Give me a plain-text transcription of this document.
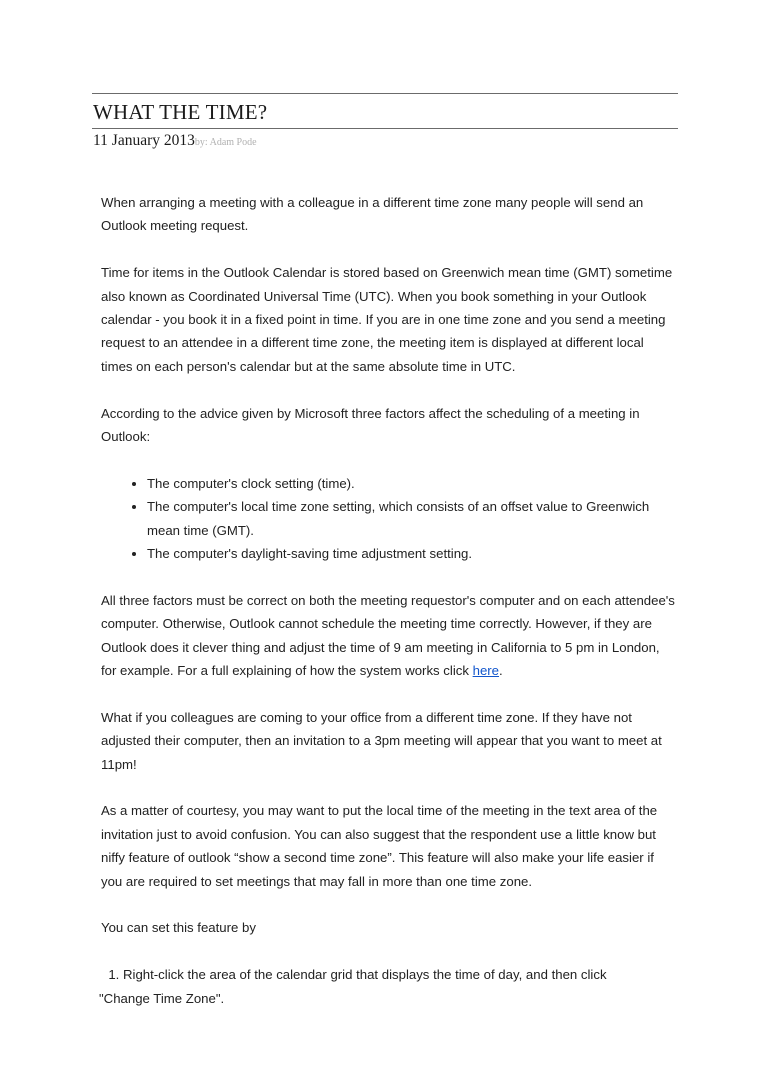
WHAT THE TIME?
11 January 2013by: Adam Pode

When arranging a meeting with a colleague in a different time zone many people will send an Outlook meeting request.

Time for items in the Outlook Calendar is stored based on Greenwich mean time (GMT) sometime also known as Coordinated Universal Time (UTC). When you book something in your Outlook calendar - you book it in a fixed point in time. If you are in one time zone and you send a meeting request to an attendee in a different time zone, the meeting item is displayed at different local times on each person's calendar but at the same absolute time in UTC.

According to the advice given by Microsoft three factors affect the scheduling of a meeting in Outlook:

• The computer's clock setting (time).
• The computer's local time zone setting, which consists of an offset value to Greenwich mean time (GMT).
• The computer's daylight-saving time adjustment setting.

All three factors must be correct on both the meeting requestor's computer and on each attendee's computer. Otherwise, Outlook cannot schedule the meeting time correctly. However, if they are Outlook does it clever thing and adjust the time of 9 am meeting in California to 5 pm in London, for example. For a full explaining of how the system works click here.

What if you colleagues are coming to your office from a different time zone. If they have not adjusted their computer, then an invitation to a 3pm meeting will appear that you want to meet at 11pm!

As a matter of courtesy, you may want to put the local time of the meeting in the text area of the invitation just to avoid confusion. You can also suggest that the respondent use a little know but niffy feature of outlook “show a second time zone”. This feature will also make your life easier if you are required to set meetings that may fall in more than one time zone.

You can set this feature by

1. Right-click the area of the calendar grid that displays the time of day, and then click
"Change Time Zone".
